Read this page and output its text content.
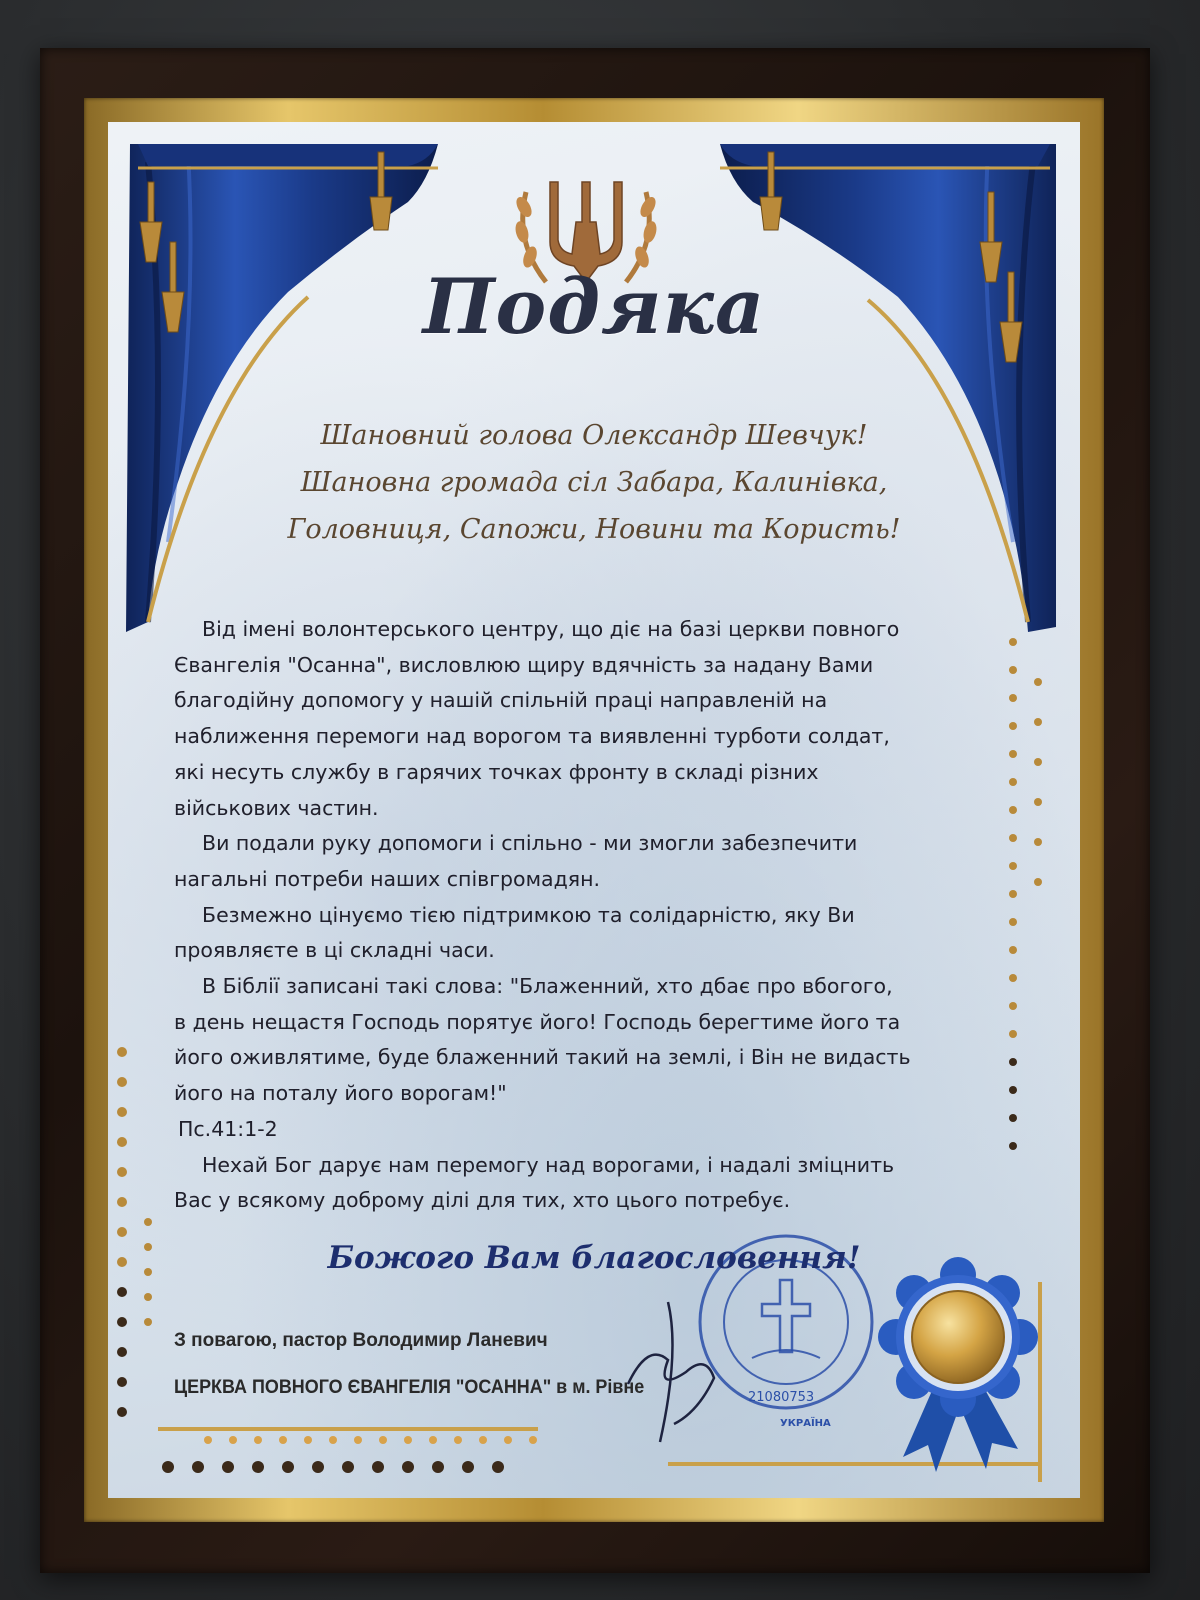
Подяка
Шановний голова Олександр Шевчук!
Шановна громада сіл Забара, Калинівка,
Головниця, Сапожи, Новини та Користь!
Від імені волонтерського центру, що діє на базі церкви повного
Євангелія "Осанна", висловлюю щиру вдячність за надану Вами
благодійну допомогу у нашій спільній праці направленій на
наближення перемоги над ворогом та виявленні турботи солдат,
які несуть службу в гарячих точках фронту в складі різних
військових частин.
Ви подали руку допомоги і спільно - ми змогли забезпечити
нагальні потреби наших співгромадян.
Безмежно цінуємо тією підтримкою та солідарністю, яку Ви
проявляєте в ці складні часи.
В Біблії записані такі слова: "Блаженний, хто дбає про вбогого,
в день нещастя Господь порятує його! Господь берегтиме його та
його оживлятиме, буде блаженний такий на землі, і Він не видасть
його на поталу його ворогам!"
Пс.41:1-2
Нехай Бог дарує нам перемогу над ворогами, і надалі зміцнить
Вас у всякому доброму ділі для тих, хто цього потребує.
Божого Вам благословення!
З повагою, пастор Володимир Ланевич
ЦЕРКВА ПОВНОГО ЄВАНГЕЛІЯ "ОСАННА" в м. Рівне	21080753
УКРАЇНА
